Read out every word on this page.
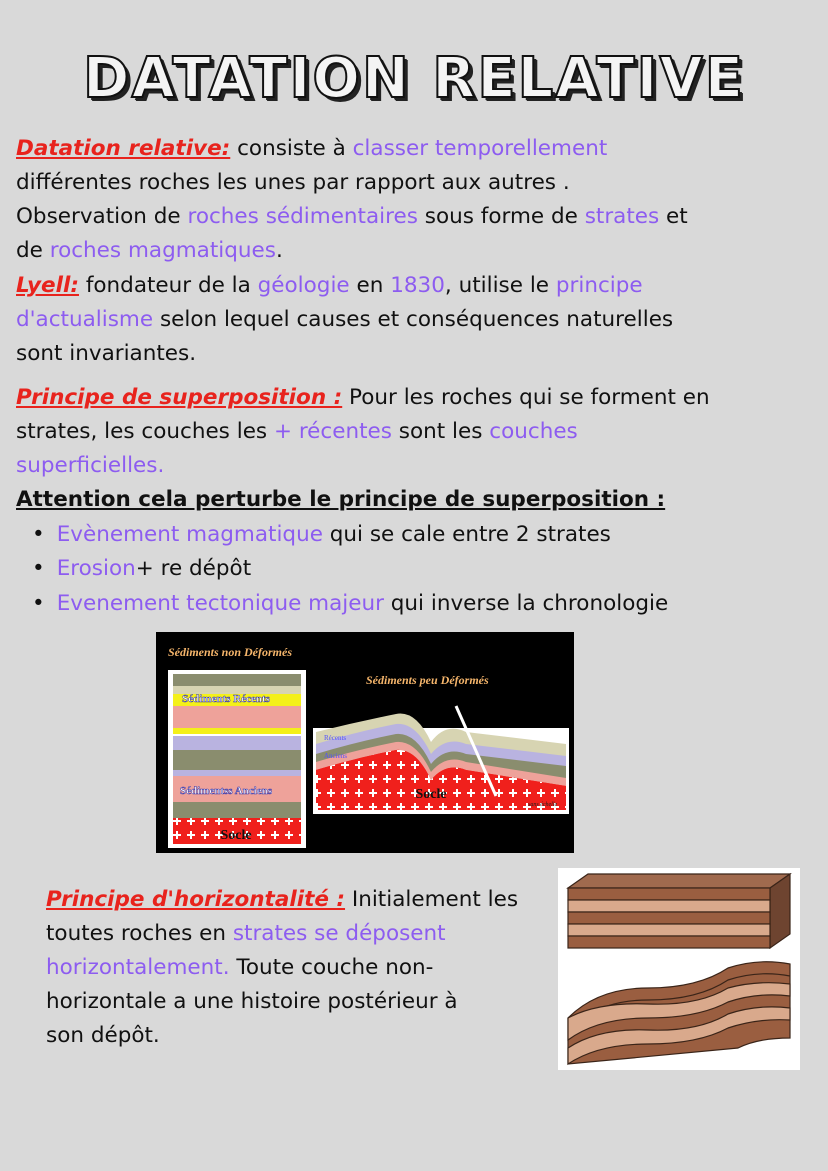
DATATION RELATIVE
Datation relative: consiste à classer temporellement
différentes roches les unes par rapport aux autres .
Observation de roches sédimentaires sous forme de strates et
de roches magmatiques.
Lyell: fondateur de la géologie en 1830, utilise le principe
d'actualisme selon lequel causes et conséquences naturelles
sont invariantes.
Principe de superposition : Pour les roches qui se forment en
strates, les couches les + récentes sont les couches
superficielles.
Attention cela perturbe le principe de superposition :
• Evènement magmatique qui se cale entre 2 strates
• Erosion+ re dépôt
• Evenement tectonique majeur qui inverse la chronologie
Principe d'horizontalité : Initialement les
toutes roches en strates se déposent
horizontalement. Toute couche non-
horizontale a une histoire postérieur à
son dépôt.
Sédiments non Déformés
Sédiments Récents
Sédimentss Anciens
Socle
Sédiments peu Déformés
Socle
Récents
Anciens
sans échelle
